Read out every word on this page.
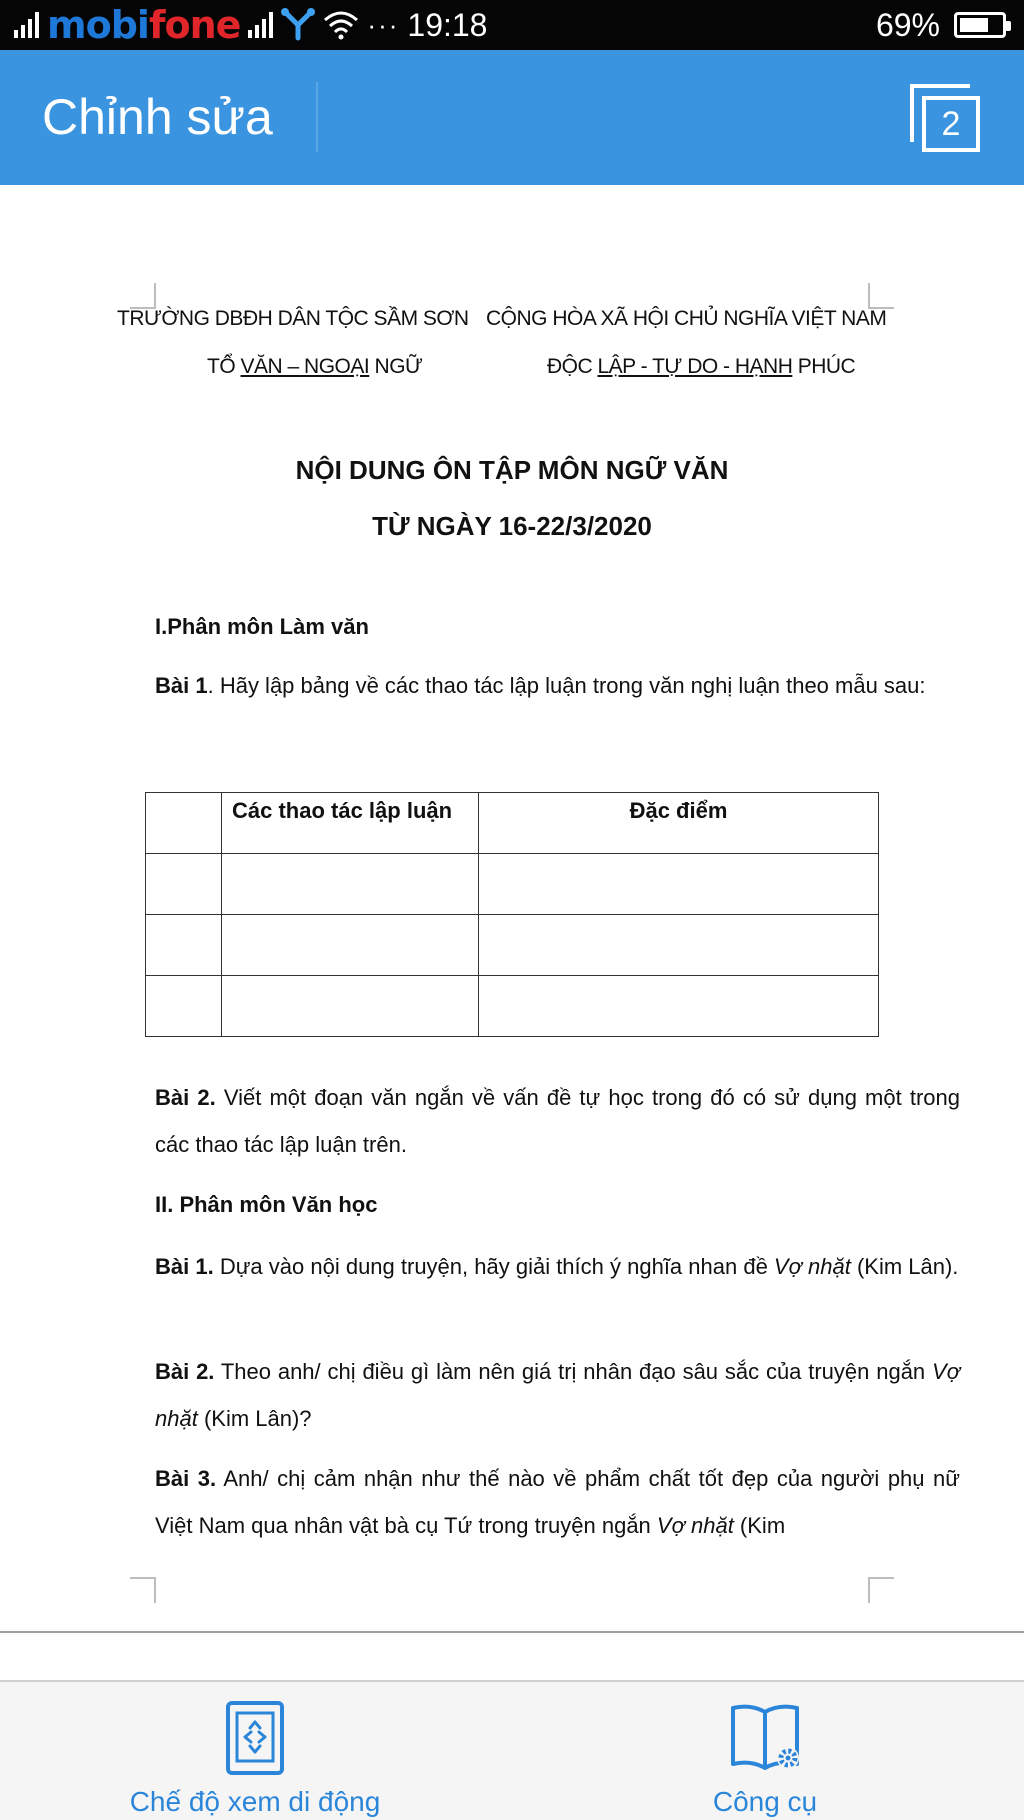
mobifone	··· 19:18	69%
Chỉnh sửa	2
TRƯỜNG DBĐH DÂN TỘC SẦM SƠN
TỔ VĂN – NGOẠI NGỮ
CỘNG HÒA XÃ HỘI CHỦ NGHĨA VIỆT NAM
ĐỘC LẬP - TỰ DO - HẠNH PHÚC
NỘI DUNG ÔN TẬP MÔN NGỮ VĂN
TỪ NGÀY 16-22/3/2020
I.Phân môn Làm văn
Bài 1. Hãy lập bảng về các thao tác lập luận trong văn nghị luận theo mẫu sau:
	Các thao tác lập luận	Đặc điểm

Bài 2. Viết một đoạn văn ngắn về vấn đề tự học trong đó có sử dụng một trong các thao tác lập luận trên.
II. Phân môn Văn học
Bài 1. Dựa vào nội dung truyện, hãy giải thích ý nghĩa nhan đề Vợ nhặt (Kim Lân).
Bài 2. Theo anh/ chị điều gì làm nên giá trị nhân đạo sâu sắc của truyện ngắn Vợ nhặt (Kim Lân)?
Bài 3. Anh/ chị cảm nhận như thế nào về phẩm chất tốt đẹp của người phụ nữ Việt Nam qua nhân vật bà cụ Tứ trong truyện ngắn Vợ nhặt (Kim
Chế độ xem di động	Công cụ
